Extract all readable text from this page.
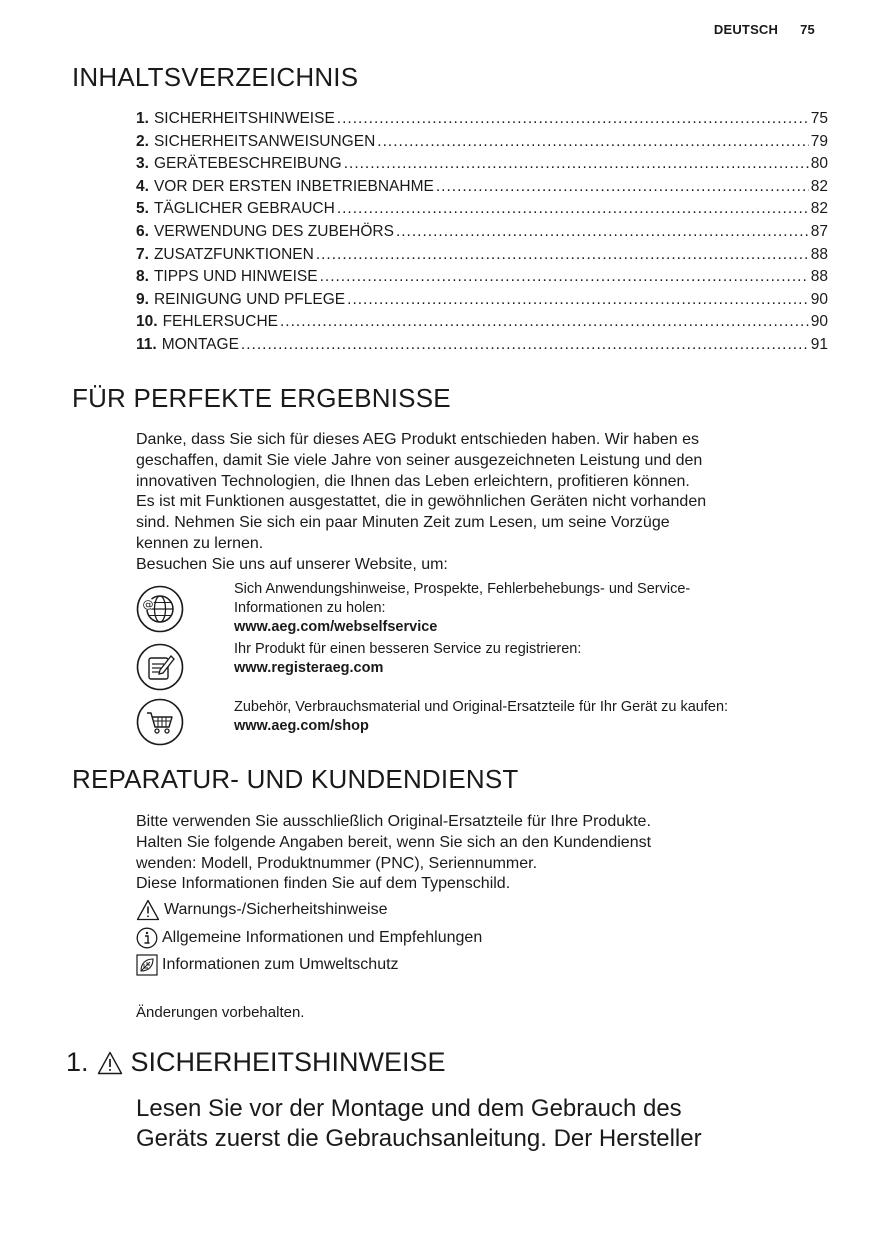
DEUTSCH 75
INHALTSVERZEICHNIS
1. SICHERHEITSHINWEISE .....	75
2. SICHERHEITSANWEISUNGEN .....	79
3. GERÄTEBESCHREIBUNG .....	80
4. VOR DER ERSTEN INBETRIEBNAHME .....	82
5. TÄGLICHER GEBRAUCH .....	82
6. VERWENDUNG DES ZUBEHÖRS .....	87
7. ZUSATZFUNKTIONEN .....	88
8. TIPPS UND HINWEISE .....	88
9. REINIGUNG UND PFLEGE .....	90
10. FEHLERSUCHE .....	90
11. MONTAGE .....	91
FÜR PERFEKTE ERGEBNISSE
Danke, dass Sie sich für dieses AEG Produkt entschieden haben. Wir haben es
geschaffen, damit Sie viele Jahre von seiner ausgezeichneten Leistung und den
innovativen Technologien, die Ihnen das Leben erleichtern, profitieren können.
Es ist mit Funktionen ausgestattet, die in gewöhnlichen Geräten nicht vorhanden
sind. Nehmen Sie sich ein paar Minuten Zeit zum Lesen, um seine Vorzüge
kennen zu lernen.
Besuchen Sie uns auf unserer Website, um:
@
Sich Anwendungshinweise, Prospekte, Fehlerbehebungs- und Service-
Informationen zu holen:
www.aeg.com/webselfservice
Ihr Produkt für einen besseren Service zu registrieren:
www.registeraeg.com
Zubehör, Verbrauchsmaterial und Original-Ersatzteile für Ihr Gerät zu kaufen:
www.aeg.com/shop
REPARATUR- UND KUNDENDIENST
Bitte verwenden Sie ausschließlich Original-Ersatzteile für Ihre Produkte.
Halten Sie folgende Angaben bereit, wenn Sie sich an den Kundendienst
wenden: Modell, Produktnummer (PNC), Seriennummer.
Diese Informationen finden Sie auf dem Typenschild.
Warnungs-/Sicherheitshinweise
Allgemeine Informationen und Empfehlungen
Informationen zum Umweltschutz
Änderungen vorbehalten.
1. SICHERHEITSHINWEISE
Lesen Sie vor der Montage und dem Gebrauch des
Geräts zuerst die Gebrauchsanleitung. Der Hersteller
